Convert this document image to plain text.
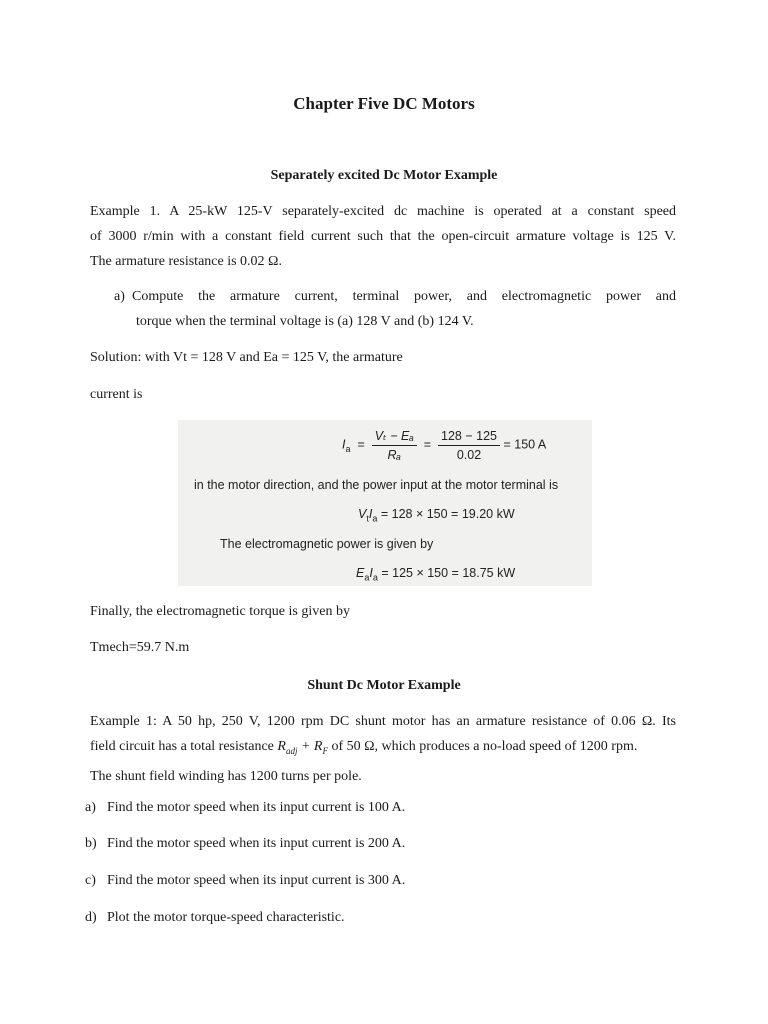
Chapter Five DC Motors
Separately excited Dc Motor Example
Example 1. A 25-kW 125-V separately-excited dc machine is operated at a constant speed
of 3000 r/min with a constant field current such that the open-circuit armature voltage is 125 V.
The armature resistance is 0.02 Ω.
a) Compute the armature current, terminal power, and electromagnetic power and
torque when the terminal voltage is (a) 128 V and (b) 124 V.
Solution: with Vt = 128 V and Ea = 125 V, the armature
current is
$I_a = \frac{\text{Vₜ − Eₐ}}{\text{Rₐ}} = \frac{128 - 125}{0.02} = 150$ A
in the motor direction, and the power input at the motor terminal is
$V_tI_a = 128 \times 150 = 19.20$ kW
The electromagnetic power is given by
$E_aI_a = 125 \times 150 = 18.75$ kW
Finally, the electromagnetic torque is given by
Tmech=59.7 N.m
Shunt Dc Motor Example
Example 1: A 50 hp, 250 V, 1200 rpm DC shunt motor has an armature resistance of 0.06 Ω. Its
field circuit has a total resistance $R_{adj} + R_F$ of 50 Ω, which produces a no-load speed of 1200 rpm.
The shunt field winding has 1200 turns per pole.
a) Find the motor speed when its input current is 100 A.
b) Find the motor speed when its input current is 200 A.
c) Find the motor speed when its input current is 300 A.
d) Plot the motor torque-speed characteristic.
